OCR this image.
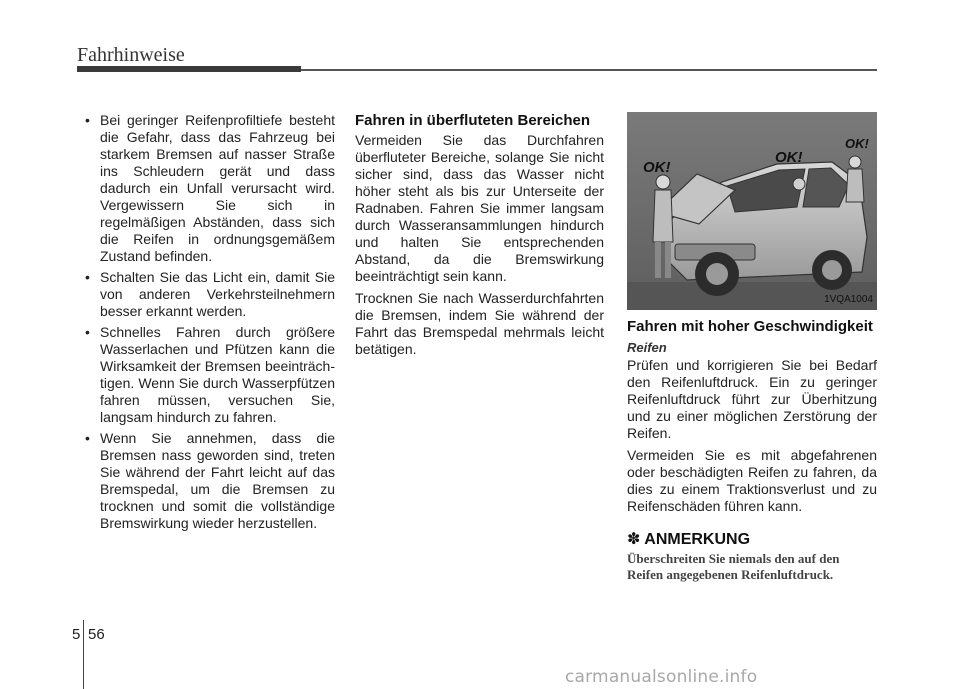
Fahrhinweise
• Bei geringer Reifenprofiltiefe besteht die Gefahr, dass das Fahrzeug bei starkem Bremsen auf nasser Straße ins Schleudern gerät und dass dadurch ein Unfall verursacht wird. Vergewissern Sie sich in regelmäßigen Abständen, dass sich die Reifen in ordnungsgemäßem Zustand befinden.
• Schalten Sie das Licht ein, damit Sie von anderen Verkehrsteilnehmern besser erkannt werden.
• Schnelles Fahren durch größere Wasserlachen und Pfützen kann die Wirksamkeit der Bremsen beeinträch-tigen. Wenn Sie durch Wasserpfützen fahren müssen, versuchen Sie, langsam hindurch zu fahren.
• Wenn Sie annehmen, dass die Bremsen nass geworden sind, treten Sie während der Fahrt leicht auf das Bremspedal, um die Bremsen zu trocknen und somit die vollständige Bremswirkung wieder herzustellen.
Fahren in überfluteten Bereichen

Vermeiden Sie das Durchfahren überfluteter Bereiche, solange Sie nicht sicher sind, dass das Wasser nicht höher steht als bis zur Unterseite der Radnaben. Fahren Sie immer langsam durch Wasseransammlungen hindurch und halten Sie entsprechenden Abstand, da die Bremswirkung beeinträchtigt sein kann.

Trocknen Sie nach Wasserdurchfahrten die Bremsen, indem Sie während der Fahrt das Bremspedal mehrmals leicht betätigen.

OK!
OK!
OK!
1VQA1004
Fahren mit hoher Geschwindigkeit
Reifen

Prüfen und korrigieren Sie bei Bedarf den Reifenluftdruck. Ein zu geringer Reifenluftdruck führt zur Überhitzung und zu einer möglichen Zerstörung der Reifen.

Vermeiden Sie es mit abgefahrenen oder beschädigten Reifen zu fahren, da dies zu einem Traktionsverlust und zu Reifenschäden führen kann.

✽ ANMERKUNG
Überschreiten Sie niemals den auf den Reifen angegebenen Reifenluftdruck.
5 56
carmanualsonline.info
